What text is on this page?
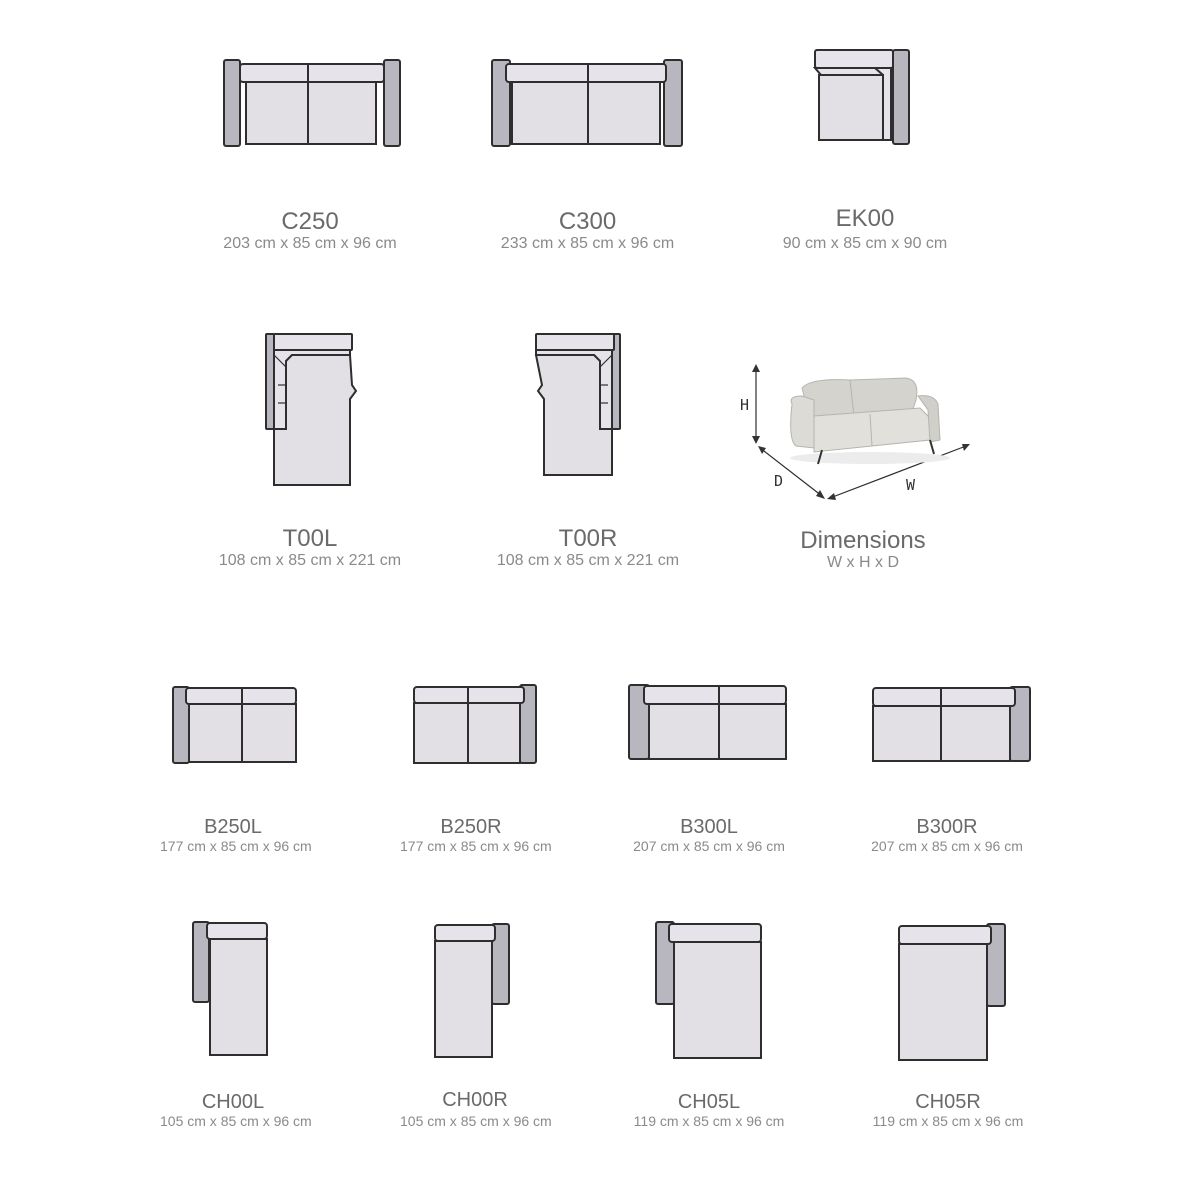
C250
203 cm x 85 cm x 96 cm
C300
233 cm x 85 cm x 96 cm
EK00
90 cm x 85 cm x 90 cm
T00L
108 cm x 85 cm x 221 cm
T00R
108 cm x 85 cm x 221 cm
H
D	W
Dimensions
W x H x D
B250L
177 cm x 85 cm x 96 cm
B250R
177 cm x 85 cm x 96 cm
B300L
207 cm x 85 cm x 96 cm
B300R
207 cm x 85 cm x 96 cm
CH00L
105 cm x 85 cm x 96 cm
CH00R
105 cm x 85 cm x 96 cm
CH05L
119 cm x 85 cm x 96 cm
CH05R
119 cm x 85 cm x 96 cm
